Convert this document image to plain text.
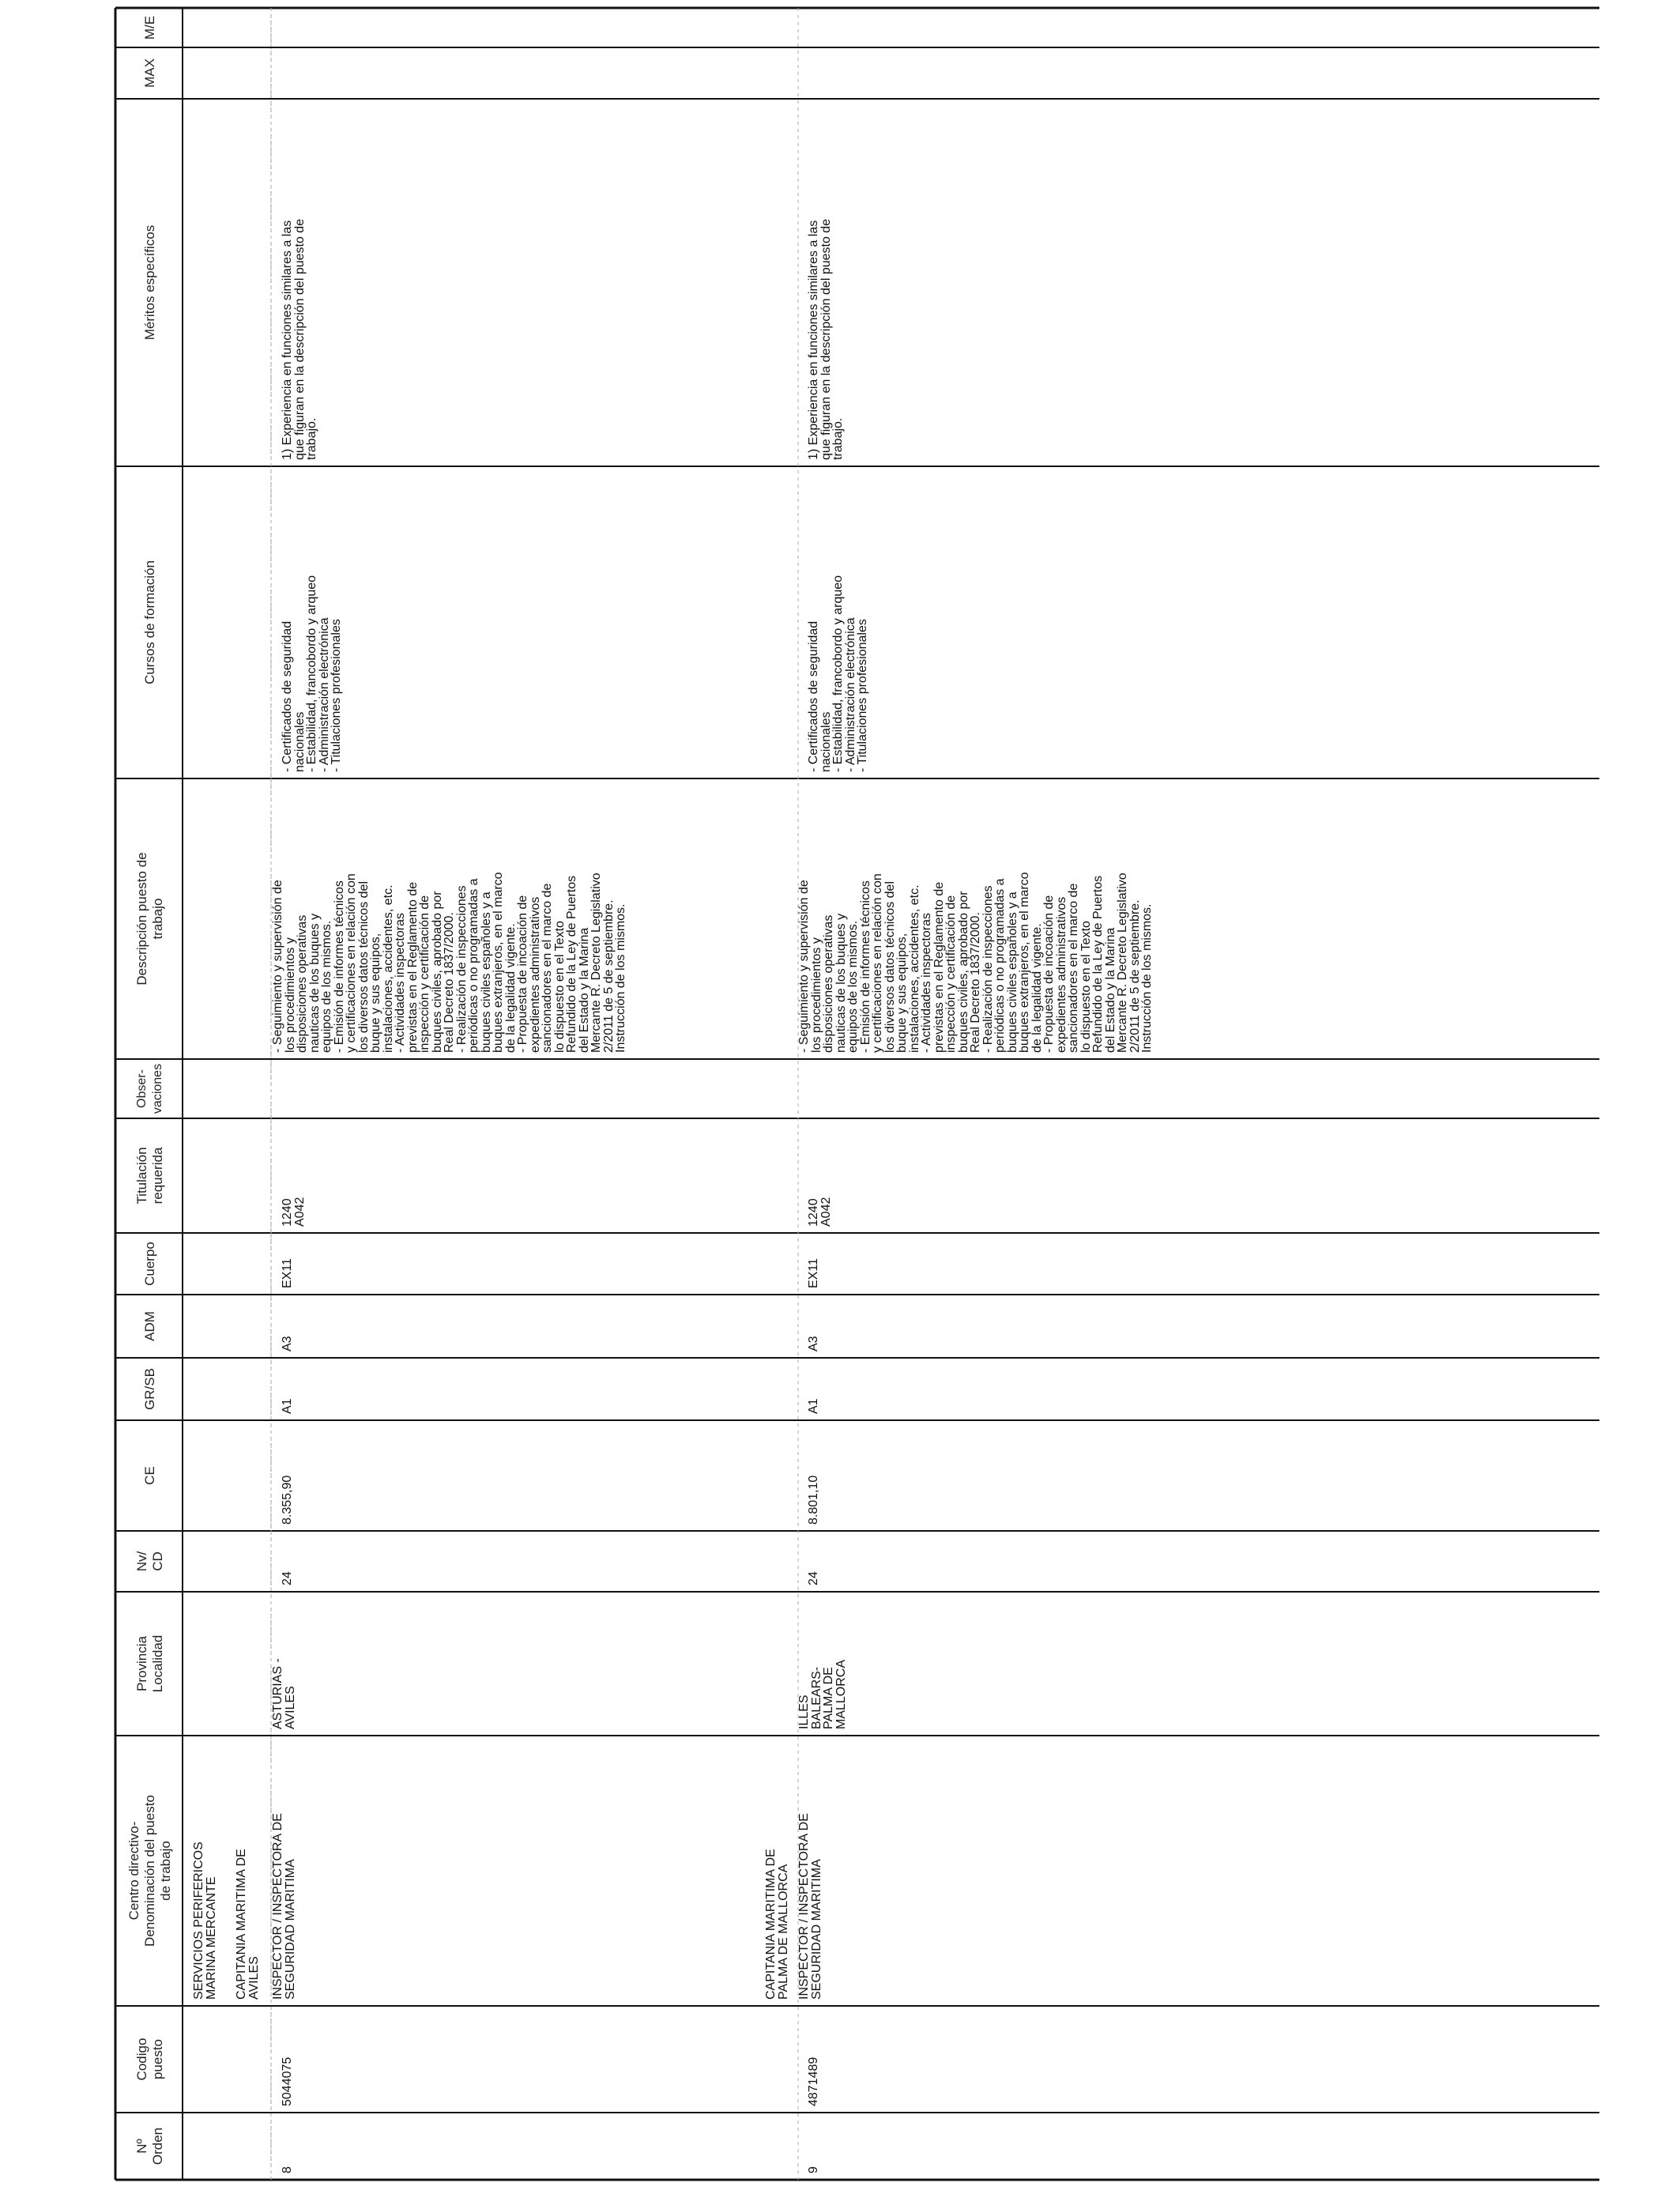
Nº
Orden
Codigo
puesto
Centro directivo-
Denominación del puesto
de trabajo
Provincia
Localidad
Nv/
CD
CE
GR/SB
ADM
Cuerpo
Titulación
requerida
Obser-
vaciones
Descripción puesto de
trabajo
Cursos de formación
Méritos específicos
MAX
M/E
SERVICIOS PERIFERICOS
MARINA MERCANTE
CAPITANIA MARITIMA DE
AVILES
8
5044075
INSPECTOR / INSPECTORA DE
SEGURIDAD MARITIMA
ASTURIAS -
AVILES
24
8.355,90
A1
A3
EX11
1240
A042
- Seguimiento y supervisión de
los procedimientos y
disposiciones operativas
nauticas de los buques y
equipos de los mismos.
- Emisión de informes técnicos
y certificaciones en relación con
los diversos datos técnicos del
buque y sus equipos,
instalaciones, accidentes, etc.
- Actividades inspectoras
previstas en el Reglamento de
inspección y certificación de
buques civiles, aprobado por
Real Decreto 1837/2000.
- Realización de inspecciones
periódicas o no programadas a
buques civiles españoles y a
buques extranjeros, en el marco
de la legalidad vigente.
- Propuesta de incoación de
expedientes administrativos
sancionadores en el marco de
lo dispuesto en el Texto
Refundido de la Ley de Puertos
del Estado y la Marina
Mercante R. Decreto Legislativo
2/2011 de 5 de septiembre.
Instrucción de los mismos.
- Certificados de seguridad
nacionales
- Estabilidad, francobordo y arqueo
- Administración electrónica
- Titulaciones profesionales
1) Experiencia en funciones similares a las
que figuran en la descripción del puesto de
trabajo.
CAPITANIA MARITIMA DE
PALMA DE MALLORCA
9
4871489
INSPECTOR / INSPECTORA DE
SEGURIDAD MARITIMA
ILLES
BALEARS-
PALMA DE
MALLORCA
24
8.801,10
A1
A3
EX11
1240
A042
- Seguimiento y supervisión de
los procedimientos y
disposiciones operativas
nauticas de los buques y
equipos de los mismos.
- Emisión de informes técnicos
y certificaciones en relación con
los diversos datos técnicos del
buque y sus equipos,
instalaciones, accidentes, etc.
- Actividades inspectoras
previstas en el Reglamento de
inspección y certificación de
buques civiles, aprobado por
Real Decreto 1837/2000.
- Realización de inspecciones
periódicas o no programadas a
buques civiles españoles y a
buques extranjeros, en el marco
de la legalidad vigente.
- Propuesta de incoación de
expedientes administrativos
sancionadores en el marco de
lo dispuesto en el Texto
Refundido de la Ley de Puertos
del Estado y la Marina
Mercante R. Decreto Legislativo
2/2011 de 5 de septiembre.
Instrucción de los mismos.
- Certificados de seguridad
nacionales
- Estabilidad, francobordo y arqueo
- Administración electrónica
- Titulaciones profesionales
1) Experiencia en funciones similares a las
que figuran en la descripción del puesto de
trabajo.
